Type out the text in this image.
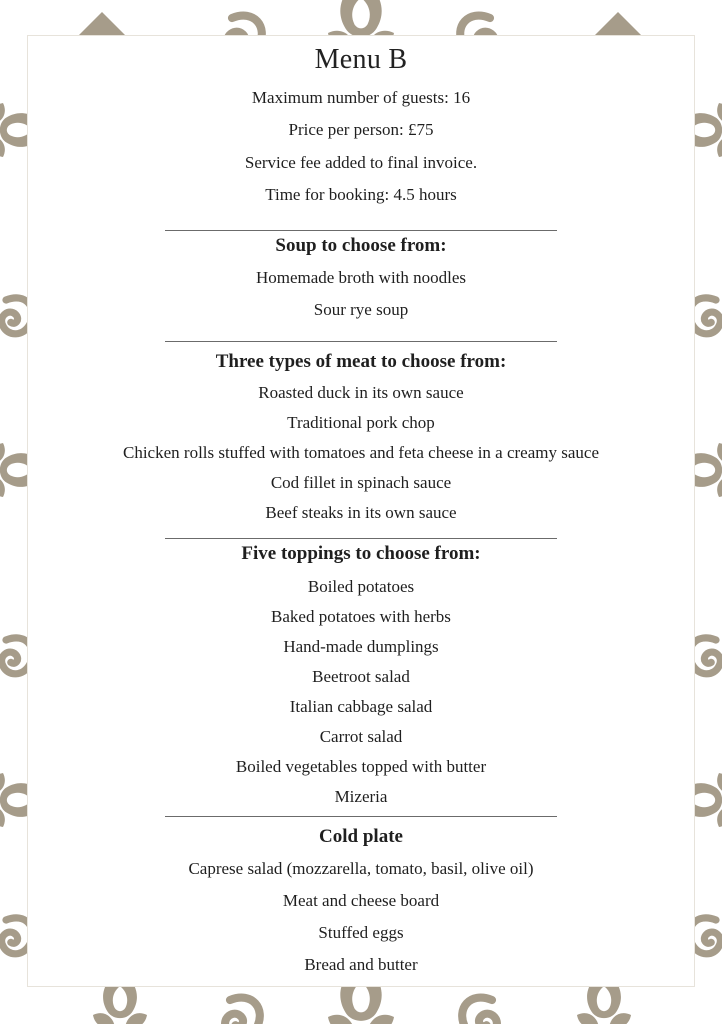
Menu B
Maximum number of guests: 16
Price per person: £75
Service fee added to final invoice.
Time for booking: 4.5 hours
Soup to choose from:
Homemade broth with noodles
Sour rye soup
Three types of meat to choose from:
Roasted duck in its own sauce
Traditional pork chop
Chicken rolls stuffed with tomatoes and feta cheese in a creamy sauce
Cod fillet in spinach sauce
Beef steaks in its own sauce
Five toppings to choose from:
Boiled potatoes
Baked potatoes with herbs
Hand-made dumplings
Beetroot salad
Italian cabbage salad
Carrot salad
Boiled vegetables topped with butter
Mizeria
Cold plate
Caprese salad (mozzarella, tomato, basil, olive oil)
Meat and cheese board
Stuffed eggs
Bread and butter
